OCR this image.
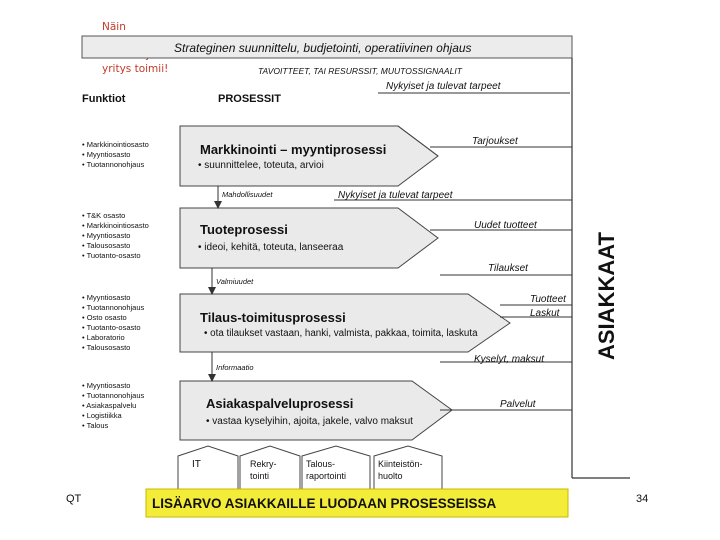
Näin
yritys toimii!
Strateginen suunnittelu, budjetointi, operatiivinen ohjaus
TAVOITTEET, TAI RESURSSIT, MUUTOSSIGNAALIT
Funktiot	PROSESSIT
ASIAKKAAT
Nykyiset ja tulevat tarpeet
Markkinointi – myyntiprosessi
• suunnittelee, toteuta, arvioi
Tuoteprosessi
• ideoi, kehitä, toteuta, lanseeraa
Tilaus-toimitusprosessi
• ota tilaukset vastaan, hanki, valmista, pakkaa, toimita, laskuta
Asiakaspalveluprosessi
• vastaa kyselyihin, ajoita, jakele, valvo maksut
• Markkinointiosasto
• Myyntiosasto
• Tuotannonohjaus
• T&K osasto
• Markkinointiosasto
• Myyntiosasto
• Talousosasto
• Tuotanto-osasto
• Myyntiosasto
• Tuotannonohjaus
• Osto osasto
• Tuotanto-osasto
• Laboratorio
• Talousosasto
• Myyntiosasto
• Tuotannonohjaus
• Asiakaspalvelu
• Logistiikka
• Talous
Mahdollisuudet	Nykyiset ja tulevat tarpeet
Valmiuudet
Informaatio
Tarjoukset
Uudet tuotteet
Tilaukset
Tuotteet
Laskut
Kyselyt, maksut
Palvelut
IT	Rekry- tointi
Talous- raportointi
Kiinteistön- huolto
LISÄARVO ASIAKKAILLE LUODAAN PROSESSEISSA
QT	34
